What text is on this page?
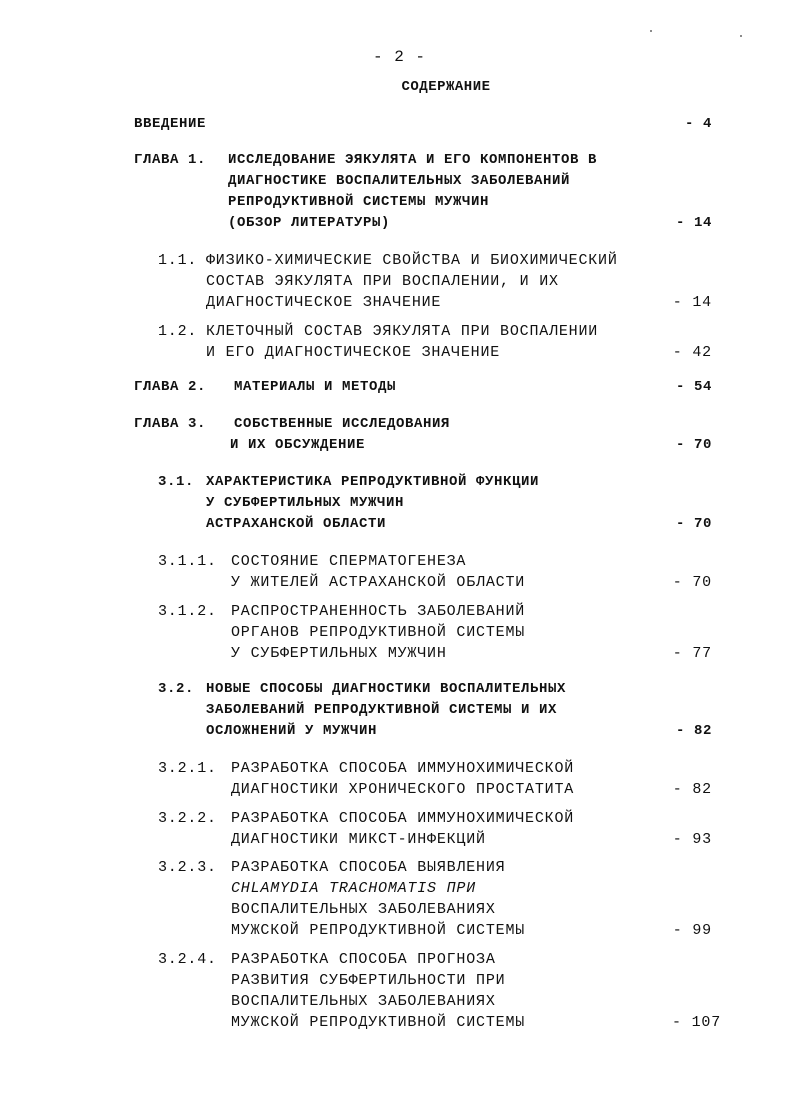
- 2 -
СОДЕРЖАНИЕ
ВВЕДЕНИЕ	- 4
ГЛАВА 1. ИССЛЕДОВАНИЕ ЭЯКУЛЯТА И ЕГО КОМПОНЕНТОВ В
ДИАГНОСТИКЕ ВОСПАЛИТЕЛЬНЫХ ЗАБОЛЕВАНИЙ
РЕПРОДУКТИВНОЙ СИСТЕМЫ МУЖЧИН
(ОБЗОР ЛИТЕРАТУРЫ)	- 14
1.1. ФИЗИКО-ХИМИЧЕСКИЕ СВОЙСТВА И БИОХИМИЧЕСКИЙ
СОСТАВ ЭЯКУЛЯТА ПРИ ВОСПАЛЕНИИ, И ИХ
ДИАГНОСТИЧЕСКОЕ ЗНАЧЕНИЕ	- 14
1.2. КЛЕТОЧНЫЙ СОСТАВ ЭЯКУЛЯТА ПРИ ВОСПАЛЕНИИ
И ЕГО ДИАГНОСТИЧЕСКОЕ ЗНАЧЕНИЕ	- 42
ГЛАВА 2. МАТЕРИАЛЫ И МЕТОДЫ	- 54
ГЛАВА 3. СОБСТВЕННЫЕ ИССЛЕДОВАНИЯ
И ИХ ОБСУЖДЕНИЕ	- 70
3.1. ХАРАКТЕРИСТИКА РЕПРОДУКТИВНОЙ ФУНКЦИИ
У СУБФЕРТИЛЬНЫХ МУЖЧИН
АСТРАХАНСКОЙ ОБЛАСТИ	- 70
3.1.1. СОСТОЯНИЕ СПЕРМАТОГЕНЕЗА
У ЖИТЕЛЕЙ АСТРАХАНСКОЙ ОБЛАСТИ	- 70
3.1.2. РАСПРОСТРАНЕННОСТЬ ЗАБОЛЕВАНИЙ
ОРГАНОВ РЕПРОДУКТИВНОЙ СИСТЕМЫ
У СУБФЕРТИЛЬНЫХ МУЖЧИН	- 77
3.2. НОВЫЕ СПОСОБЫ ДИАГНОСТИКИ ВОСПАЛИТЕЛЬНЫХ
ЗАБОЛЕВАНИЙ РЕПРОДУКТИВНОЙ СИСТЕМЫ И ИХ
ОСЛОЖНЕНИЙ У МУЖЧИН	- 82
3.2.1. РАЗРАБОТКА СПОСОБА ИММУНОХИМИЧЕСКОЙ
ДИАГНОСТИКИ ХРОНИЧЕСКОГО ПРОСТАТИТА	- 82
3.2.2. РАЗРАБОТКА СПОСОБА ИММУНОХИМИЧЕСКОЙ
ДИАГНОСТИКИ МИКСТ-ИНФЕКЦИЙ	- 93
3.2.3. РАЗРАБОТКА СПОСОБА ВЫЯВЛЕНИЯ
CHLAMYDIA TRACHOMATIS ПРИ
ВОСПАЛИТЕЛЬНЫХ ЗАБОЛЕВАНИЯХ
МУЖСКОЙ РЕПРОДУКТИВНОЙ СИСТЕМЫ	- 99
3.2.4. РАЗРАБОТКА СПОСОБА ПРОГНОЗА
РАЗВИТИЯ СУБФЕРТИЛЬНОСТИ ПРИ
ВОСПАЛИТЕЛЬНЫХ ЗАБОЛЕВАНИЯХ
МУЖСКОЙ РЕПРОДУКТИВНОЙ СИСТЕМЫ	- 107
